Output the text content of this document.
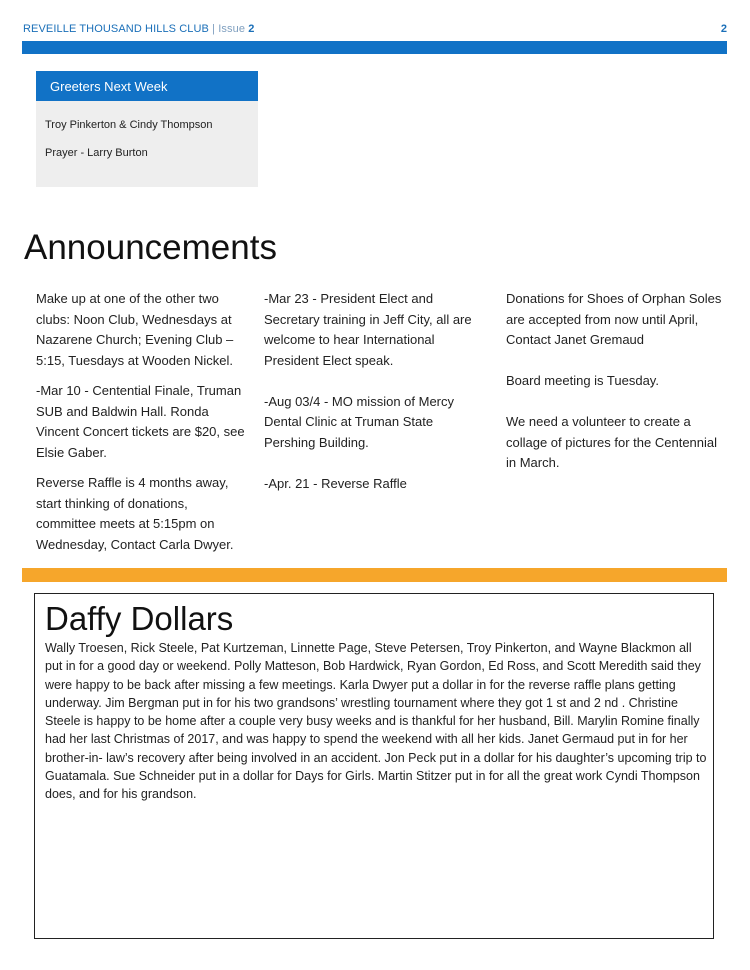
REVEILLE THOUSAND HILLS CLUB | Issue 2	2
Greeters Next Week
Troy Pinkerton & Cindy Thompson
Prayer - Larry Burton
Announcements

Make up at one of the other two clubs: Noon Club, Wednesdays at Nazarene Church; Evening Club – 5:15, Tuesdays at Wooden Nickel.

-Mar 10 - Centential Finale, Truman SUB and Baldwin Hall. Ronda Vincent Concert tickets are $20, see Elsie Gaber.

Reverse Raffle is 4 months away, start thinking of donations, committee meets at 5:15pm on Wednesday, Contact Carla Dwyer.

-Mar 23 - President Elect and Secretary training in Jeff City, all are welcome to hear International President Elect speak.

-Aug 03/4 - MO mission of Mercy Dental Clinic at Truman State Pershing Building.

-Apr. 21 - Reverse Raffle

Donations for Shoes of Orphan Soles are accepted from now until April, Contact Janet Gremaud

Board meeting is Tuesday.

We need a volunteer to create a collage of pictures for the Centennial in March.

Daffy Dollars
Wally Troesen, Rick Steele, Pat Kurtzeman, Linnette Page, Steve Petersen, Troy Pinkerton, and Wayne Blackmon all put in for a good day or weekend. Polly Matteson, Bob Hardwick, Ryan Gordon, Ed Ross, and Scott Meredith said they were happy to be back after missing a few meetings. Karla Dwyer put a dollar in for the reverse raffle plans getting underway. Jim Bergman put in for his two grandsons’ wrestling tournament where they got 1 st and 2 nd . Christine Steele is happy to be home after a couple very busy weeks and is thankful for her husband, Bill. Marylin Romine finally had her last Christmas of 2017, and was happy to spend the weekend with all her kids. Janet Germaud put in for her brother-in- law’s recovery after being involved in an accident. Jon Peck put in a dollar for his daughter’s upcoming trip to Guatamala. Sue Schneider put in a dollar for Days for Girls. Martin Stitzer put in for all the great work Cyndi Thompson does, and for his grandson.
